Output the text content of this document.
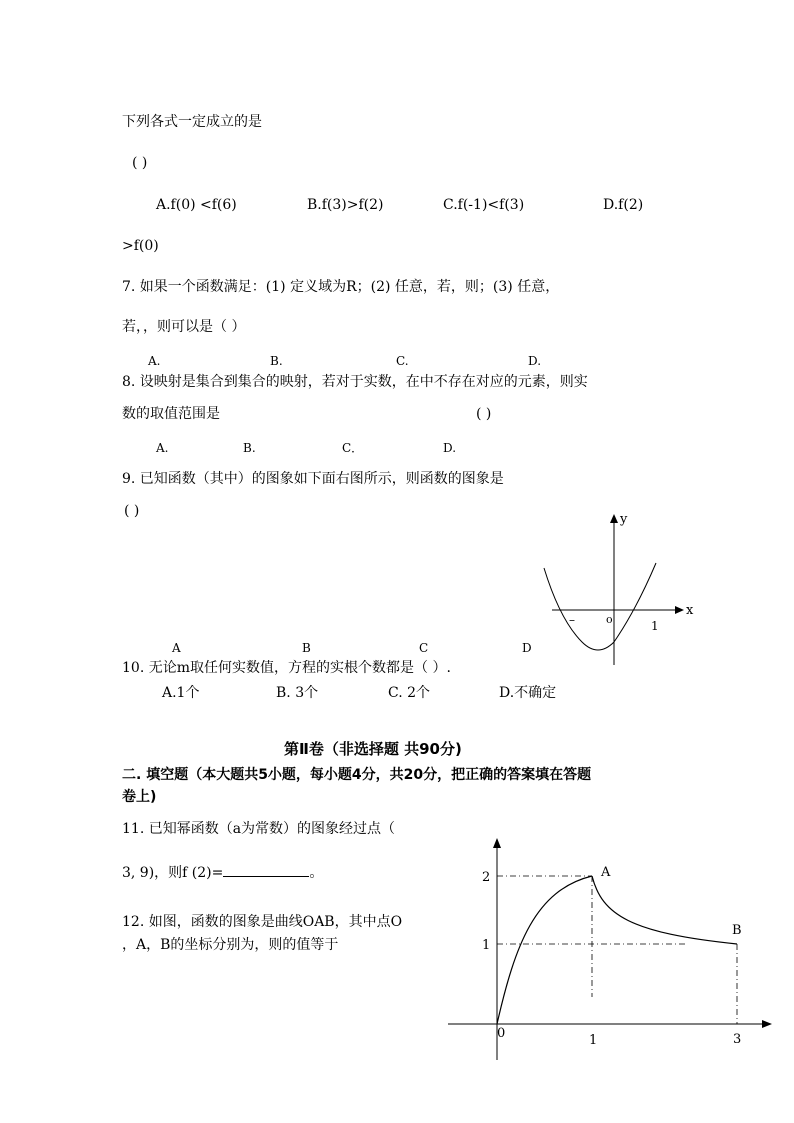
下列各式一定成立的是
( )
A.f(0) <f(6)	B.f(3)>f(2)	C.f(-1)<f(3)	D.f(2)
>f(0)
7. 如果一个函数满足：(1) 定义域为R；(2) 任意，若，则；(3) 任意，
若，，则可以是（ ）
A.	B.	C.	D.
8. 设映射是集合到集合的映射，若对于实数，在中不存在对应的元素，则实
数的取值范围是	( )
A.	B.	C．	D.
9. 已知函数（其中）的图象如下面右图所示，则函数的图象是
( )
y
x
–	o	1
A	B	C	D
10. 无论m取任何实数值，方程的实根个数都是（ ）.
A.1个	B. 3个	C. 2个	D.不确定
第Ⅱ卷（非选择题 共90分)
二. 填空题（本大题共5小题，每小题4分，共20分，把正确的答案填在答题
卷上)
11. 已知幂函数（a为常数）的图象经过点（
3, 9)，则f (2)=	。
12. 如图，函数的图象是曲线OAB，其中点O
，A，B的坐标分别为，则的值等于
2
1
0	1	3
A
B
